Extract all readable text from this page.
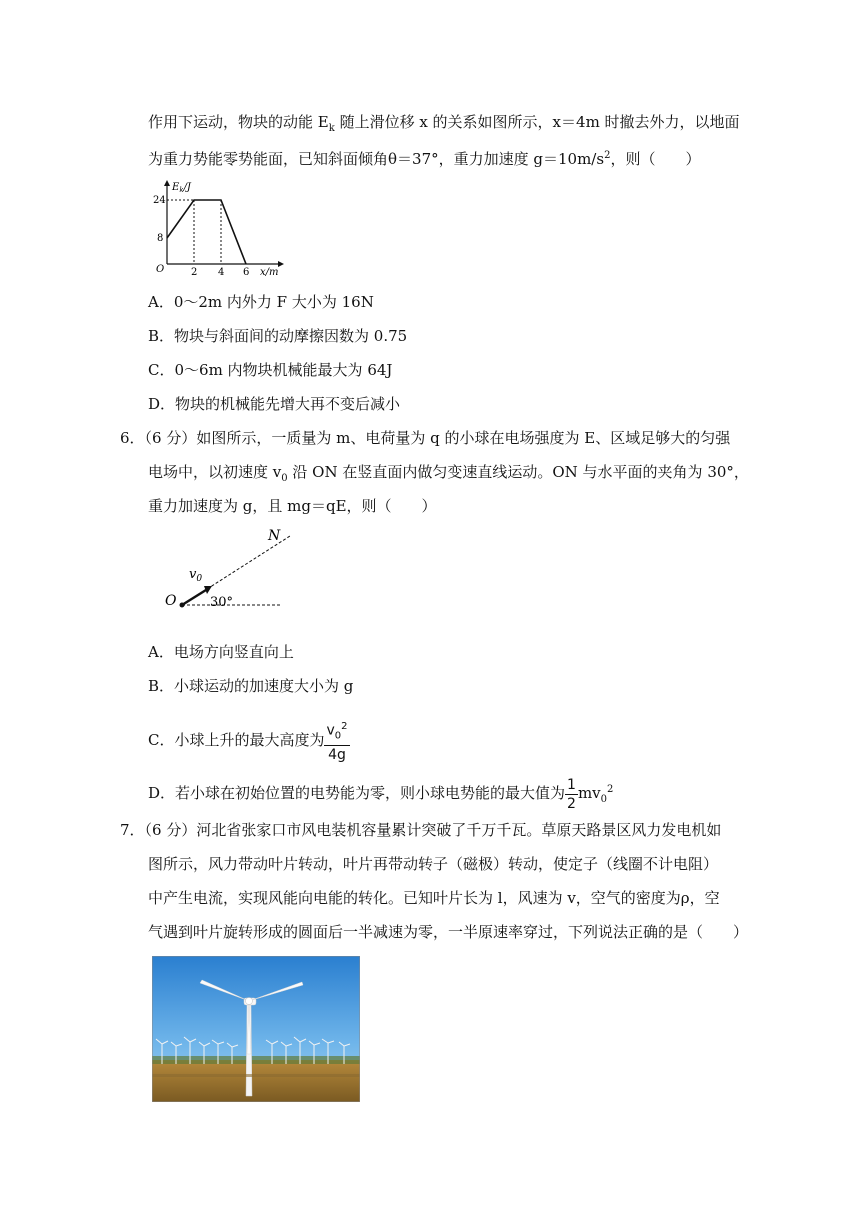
作用下运动，物块的动能 $E_k$ 随上滑位移 x 的关系如图所示，x＝4m 时撤去外力，以地面
为重力势能零势能面，已知斜面倾角θ＝37°，重力加速度 $g=10m/s^2$，则（　　）
$E_k/J$
24
8
O	2 4 6 x/m
A．0～2m 内外力 F 大小为 16N
B．物块与斜面间的动摩擦因数为 0.75
C．0～6m 内物块机械能最大为 64J
D．物块的机械能先增大再不变后减小
6．（6 分）如图所示，一质量为 m、电荷量为 q 的小球在电场强度为 E、区域足够大的匀强
电场中，以初速度 $v_0$ 沿 ON 在竖直面内做匀变速直线运动。ON 与水平面的夹角为 30°，
重力加速度为 g，且 mg＝qE，则（　　）
N
$v_0$
O	30°
A．电场方向竖直向上
B．小球运动的加速度大小为 g
C．小球上升的最大高度为 $\frac{v_0^2}{4g}$
D．若小球在初始位置的电势能为零，则小球电势能的最大值为 $\frac{1}{2} mv_0^2$
7．（6 分）河北省张家口市风电装机容量累计突破了千万千瓦。草原天路景区风力发电机如
图所示，风力带动叶片转动，叶片再带动转子（磁极）转动，使定子（线圈不计电阻）
中产生电流，实现风能向电能的转化。已知叶片长为 l，风速为 v，空气的密度为ρ，空
气遇到叶片旋转形成的圆面后一半减速为零，一半原速率穿过，下列说法正确的是（　　）
